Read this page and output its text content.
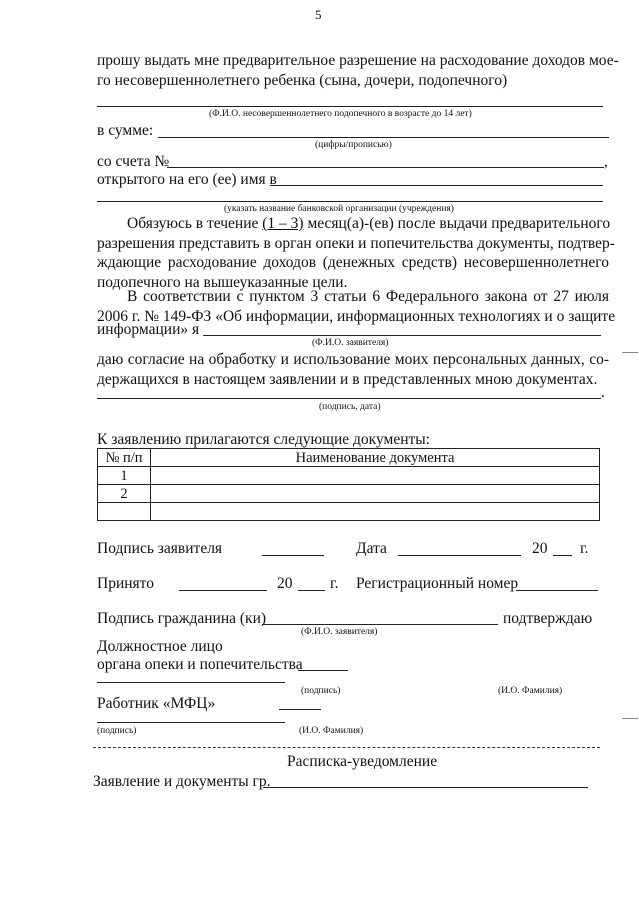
5
прошу выдать мне предварительное разрешение на расходование доходов мое-
го несовершеннолетнего ребенка (сына, дочери, подопечного)
(Ф.И.О. несовершеннолетнего подопечного в возрасте до 14 лет)
в сумме:
(цифры/прописью)
со счета №	,
открытого на его (ее) имя в
(указать название банковской организации (учреждения)
Обязуюсь в течение (1 – 3) месяц(а)-(ев) после выдачи предварительного
разрешения представить в орган опеки и попечительства документы, подтвер-
ждающие расходование доходов (денежных средств) несовершеннолетнего
подопечного на вышеуказанные цели.
В соответствии с пунктом 3 статьи 6 Федерального закона от 27 июля
2006 г. № 149-ФЗ «Об информации, информационных технологиях и о защите
информации» я
(Ф.И.О. заявителя)
даю согласие на обработку и использование моих персональных данных, со-
держащихся в настоящем заявлении и в представленных мною документах.
.
(подпись, дата)
К заявлению прилагаются следующие документы:
№ п/п	Наименование документа
1	
2	

Подпись заявителя	Дата	20 г.
Принято	20 г. Регистрационный номер
Подпись гражданина (ки)	подтверждаю
(Ф.И.О. заявителя)
Должностное лицо
органа опеки и попечительства
(подпись)	(И.О. Фамилия)
Работник «МФЦ»
(подпись)	(И.О. Фамилия)
Расписка-уведомление
Заявление и документы гр.
